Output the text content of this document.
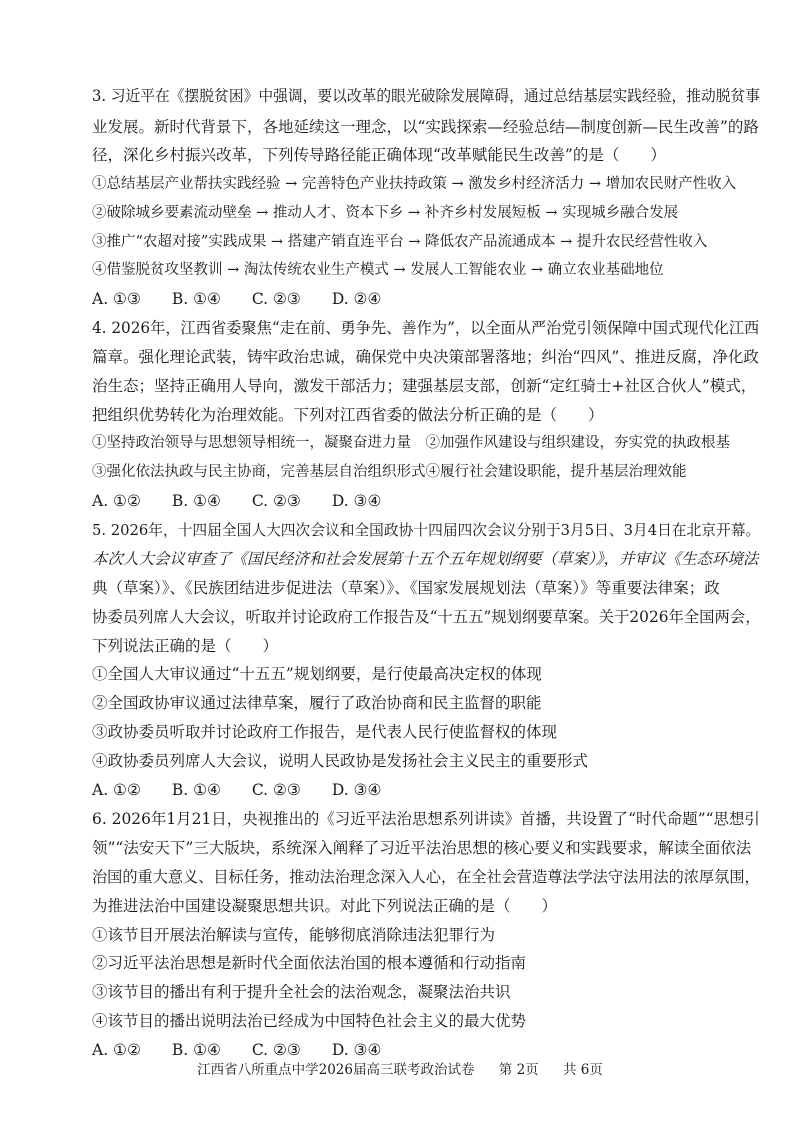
3. 习近平在《摆脱贫困》中强调，要以改革的眼光破除发展障碍，通过总结基层实践经验，推动脱贫事
业发展。新时代背景下，各地延续这一理念，以“实践探索—经验总结—制度创新—民生改善”的路
径，深化乡村振兴改革，下列传导路径能正确体现“改革赋能民生改善”的是（　　）
①总结基层产业帮扶实践经验 → 完善特色产业扶持政策 → 激发乡村经济活力 → 增加农民财产性收入
②破除城乡要素流动壁垒 → 推动人才、资本下乡 → 补齐乡村发展短板 → 实现城乡融合发展
③推广“农超对接”实践成果 → 搭建产销直连平台 → 降低农产品流通成本 → 提升农民经营性收入
④借鉴脱贫攻坚教训 → 淘汰传统农业生产模式 → 发展人工智能农业 → 确立农业基础地位
A. ①③　　B. ①④　　C. ②③　　D. ②④
4. 2026年，江西省委聚焦“走在前、勇争先、善作为”，以全面从严治党引领保障中国式现代化江西
篇章。强化理论武装，铸牢政治忠诚，确保党中央决策部署落地；纠治“四风”、推进反腐，净化政
治生态；坚持正确用人导向，激发干部活力；建强基层支部，创新“定红骑士+社区合伙人”模式，
把组织优势转化为治理效能。下列对江西省委的做法分析正确的是（　　）
①坚持政治领导与思想领导相统一，凝聚奋进力量　②加强作风建设与组织建设，夯实党的执政根基
③强化依法执政与民主协商，完善基层自治组织形式④履行社会建设职能，提升基层治理效能
A. ①②　　B. ①④　　C. ②③　　D. ③④
5. 2026年，十四届全国人大四次会议和全国政协十四届四次会议分别于3月5日、3月4日在北京开幕。
本次人大会议审查了《国民经济和社会发展第十五个五年规划纲要（草案）》，并审议《生态环境法
典（草案）》、《民族团结进步促进法（草案）》、《国家发展规划法（草案）》等重要法律案；政
协委员列席人大会议，听取并讨论政府工作报告及“十五五”规划纲要草案。关于2026年全国两会，
下列说法正确的是（　　）
①全国人大审议通过“十五五”规划纲要，是行使最高决定权的体现
②全国政协审议通过法律草案，履行了政治协商和民主监督的职能
③政协委员听取并讨论政府工作报告，是代表人民行使监督权的体现
④政协委员列席人大会议，说明人民政协是发扬社会主义民主的重要形式
A. ①②　　B. ①④　　C. ②③　　D. ③④
6. 2026年1月21日，央视推出的《习近平法治思想系列讲读》首播，共设置了“时代命题”“思想引
领”“法安天下”三大版块，系统深入阐释了习近平法治思想的核心要义和实践要求，解读全面依法
治国的重大意义、目标任务，推动法治理念深入人心，在全社会营造尊法学法守法用法的浓厚氛围，
为推进法治中国建设凝聚思想共识。对此下列说法正确的是（　　）
①该节目开展法治解读与宣传，能够彻底消除违法犯罪行为
②习近平法治思想是新时代全面依法治国的根本遵循和行动指南
③该节目的播出有利于提升全社会的法治观念，凝聚法治共识
④该节目的播出说明法治已经成为中国特色社会主义的最大优势
A. ①②　　B. ①④　　C. ②③　　D. ③④
江西省八所重点中学2026届高三联考政治试卷 第 2页 共 6页
